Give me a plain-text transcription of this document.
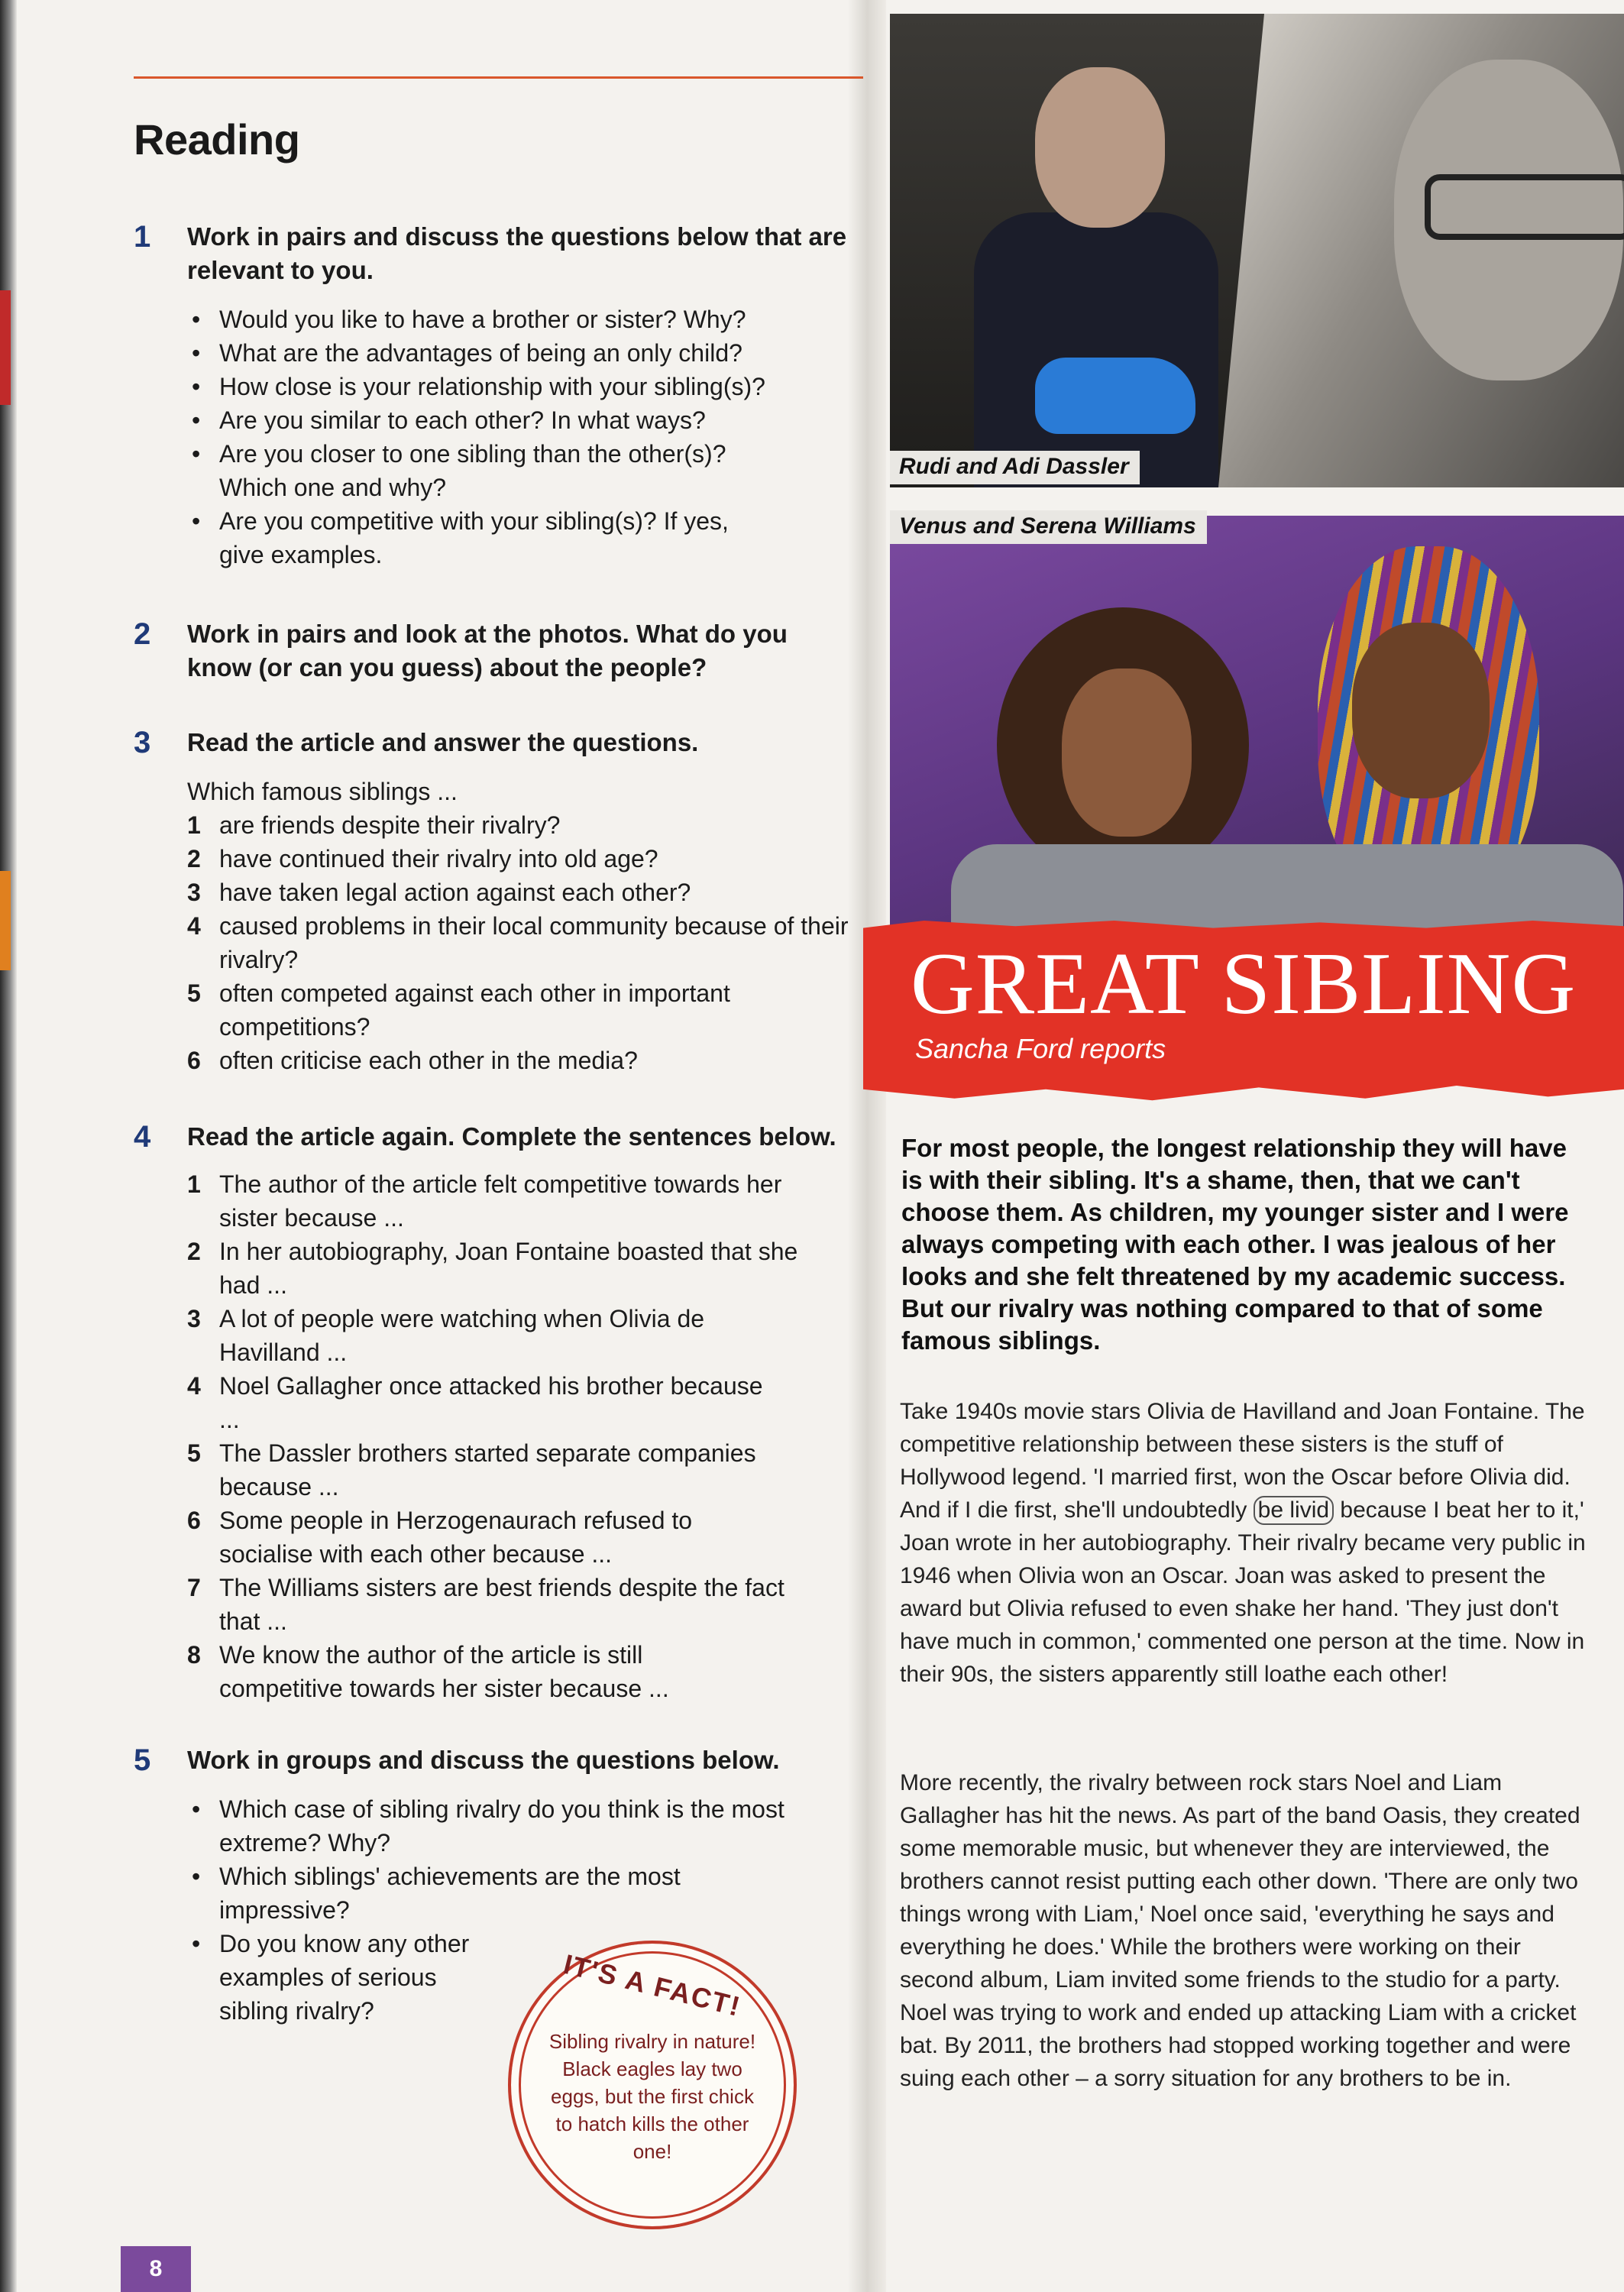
Reading
1 Work in pairs and discuss the questions below that are relevant to you.
• Would you like to have a brother or sister? Why?
• What are the advantages of being an only child?
• How close is your relationship with your sibling(s)?
• Are you similar to each other? In what ways?
• Are you closer to one sibling than the other(s)? Which one and why?
• Are you competitive with your sibling(s)? If yes, give examples.
2 Work in pairs and look at the photos. What do you know (or can you guess) about the people?
3 Read the article and answer the questions.
Which famous siblings ...
1 are friends despite their rivalry?
2 have continued their rivalry into old age?
3 have taken legal action against each other?
4 caused problems in their local community because of their rivalry?
5 often competed against each other in important competitions?
6 often criticise each other in the media?
4 Read the article again. Complete the sentences below.
1 The author of the article felt competitive towards her sister because ...
2 In her autobiography, Joan Fontaine boasted that she had ...
3 A lot of people were watching when Olivia de Havilland ...
4 Noel Gallagher once attacked his brother because ...
5 The Dassler brothers started separate companies because ...
6 Some people in Herzogenaurach refused to socialise with each other because ...
7 The Williams sisters are best friends despite the fact that ...
8 We know the author of the article is still competitive towards her sister because ...
5 Work in groups and discuss the questions below.
• Which case of sibling rivalry do you think is the most extreme? Why?
• Which siblings' achievements are the most impressive?
• Do you know any other examples of serious sibling rivalry?	IT'S A FACT!
Sibling rivalry in nature! Black eagles lay two eggs, but the first chick to hatch kills the other one!
8
Rudi and Adi Dassler
Venus and Serena Williams
GREAT SIBLING
Sancha Ford reports
For most people, the longest relationship they will have is with their sibling. It's a shame, then, that we can't choose them. As children, my younger sister and I were always competing with each other. I was jealous of her looks and she felt threatened by my academic success. But our rivalry was nothing compared to that of some famous siblings.

Take 1940s movie stars Olivia de Havilland and Joan Fontaine. The competitive relationship between these sisters is the stuff of Hollywood legend. 'I married first, won the Oscar before Olivia did. And if I die first, she'll undoubtedly be livid because I beat her to it,' Joan wrote in her autobiography. Their rivalry became very public in 1946 when Olivia won an Oscar. Joan was asked to present the award but Olivia refused to even shake her hand. 'They just don't have much in common,' commented one person at the time. Now in their 90s, the sisters apparently still loathe each other!

More recently, the rivalry between rock stars Noel and Liam Gallagher has hit the news. As part of the band Oasis, they created some memorable music, but whenever they are interviewed, the brothers cannot resist putting each other down. 'There are only two things wrong with Liam,' Noel once said, 'everything he says and everything he does.' While the brothers were working on their second album, Liam invited some friends to the studio for a party. Noel was trying to work and ended up attacking Liam with a cricket bat. By 2011, the brothers had stopped working together and were suing each other – a sorry situation for any brothers to be in.
